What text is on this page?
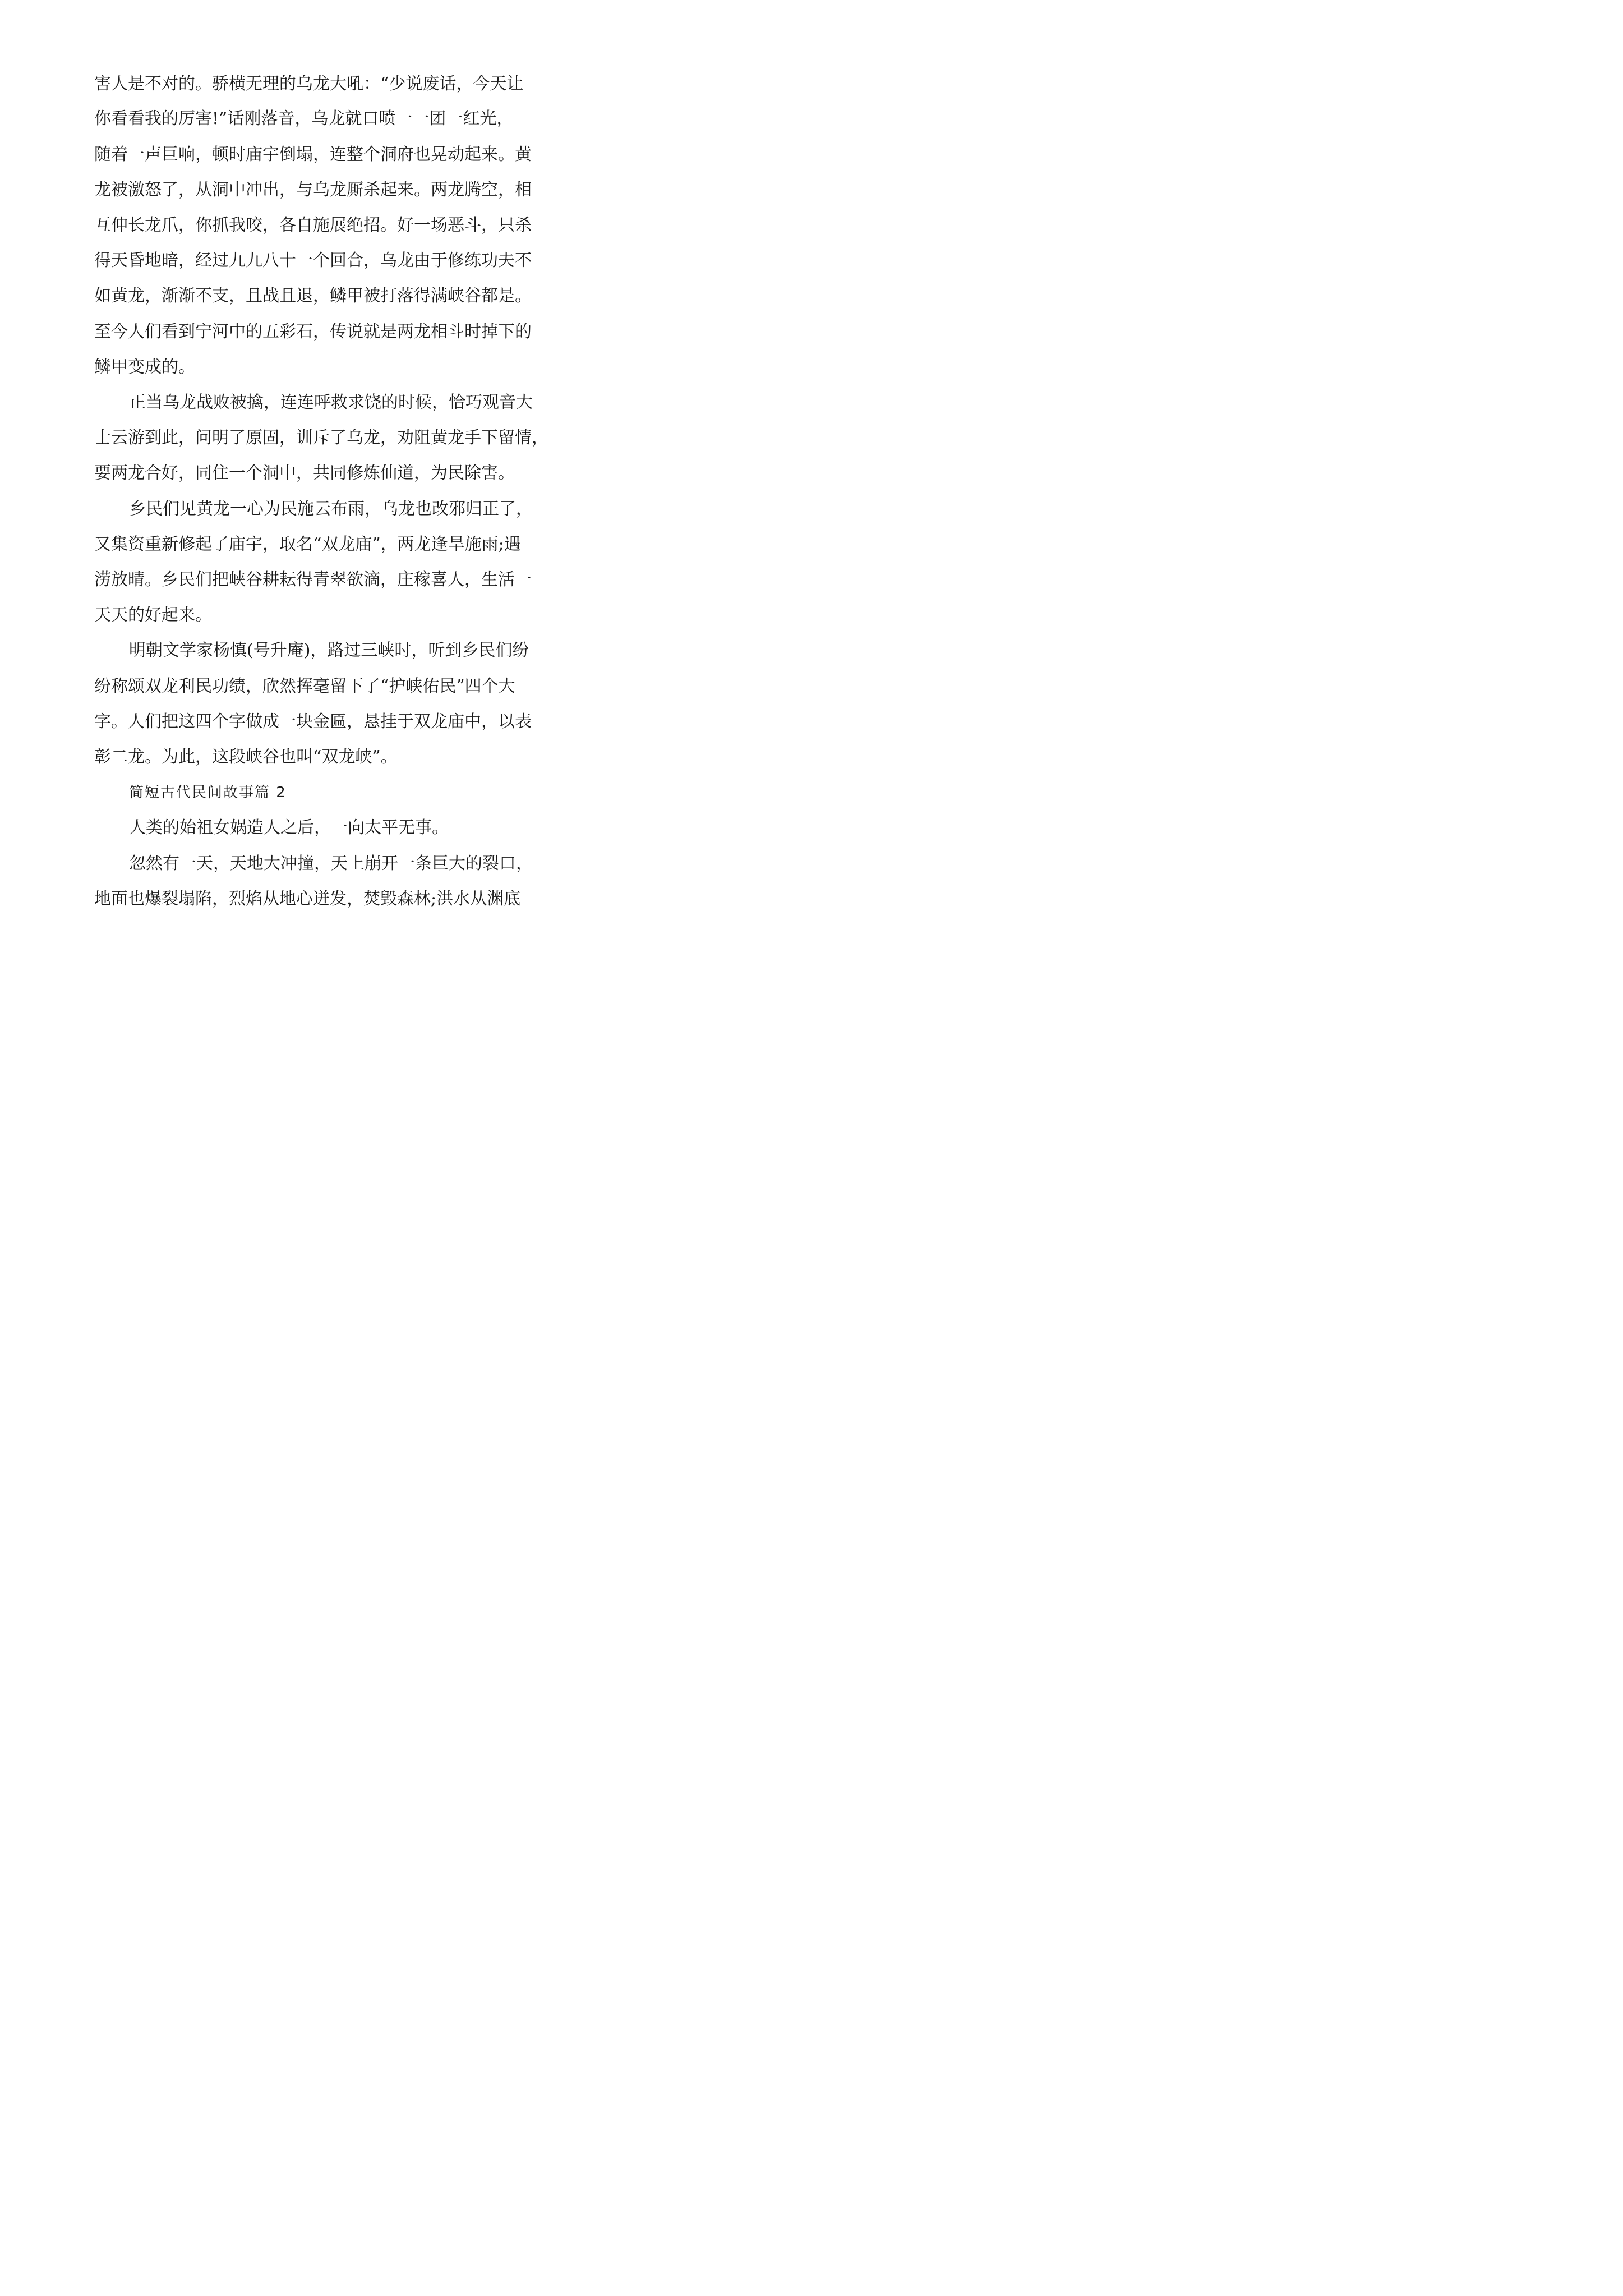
害人是不对的。骄横无理的乌龙大吼：“少说废话，今天让
你看看我的厉害!”话刚落音，乌龙就口喷一一团一红光，
随着一声巨响，顿时庙宇倒塌，连整个洞府也晃动起来。黄
龙被激怒了，从洞中冲出，与乌龙厮杀起来。两龙腾空，相
互伸长龙爪，你抓我咬，各自施展绝招。好一场恶斗，只杀
得天昏地暗，经过九九八十一个回合，乌龙由于修练功夫不
如黄龙，渐渐不支，且战且退，鳞甲被打落得满峡谷都是。
至今人们看到宁河中的五彩石，传说就是两龙相斗时掉下的
鳞甲变成的。
正当乌龙战败被擒，连连呼救求饶的时候，恰巧观音大
士云游到此，问明了原固，训斥了乌龙，劝阻黄龙手下留情，
要两龙合好，同住一个洞中，共同修炼仙道，为民除害。
乡民们见黄龙一心为民施云布雨，乌龙也改邪归正了，
又集资重新修起了庙宇，取名“双龙庙”，两龙逢旱施雨;遇
涝放晴。乡民们把峡谷耕耘得青翠欲滴，庄稼喜人，生活一
天天的好起来。
明朝文学家杨慎(号升庵)，路过三峡时，听到乡民们纷
纷称颂双龙利民功绩，欣然挥毫留下了“护峡佑民”四个大
字。人们把这四个字做成一块金匾，悬挂于双龙庙中，以表
彰二龙。为此，这段峡谷也叫“双龙峡”。
简短古代民间故事篇 2
人类的始祖女娲造人之后，一向太平无事。
忽然有一天，天地大冲撞，天上崩开一条巨大的裂口，
地面也爆裂塌陷，烈焰从地心迸发，焚毁森林;洪水从渊底
